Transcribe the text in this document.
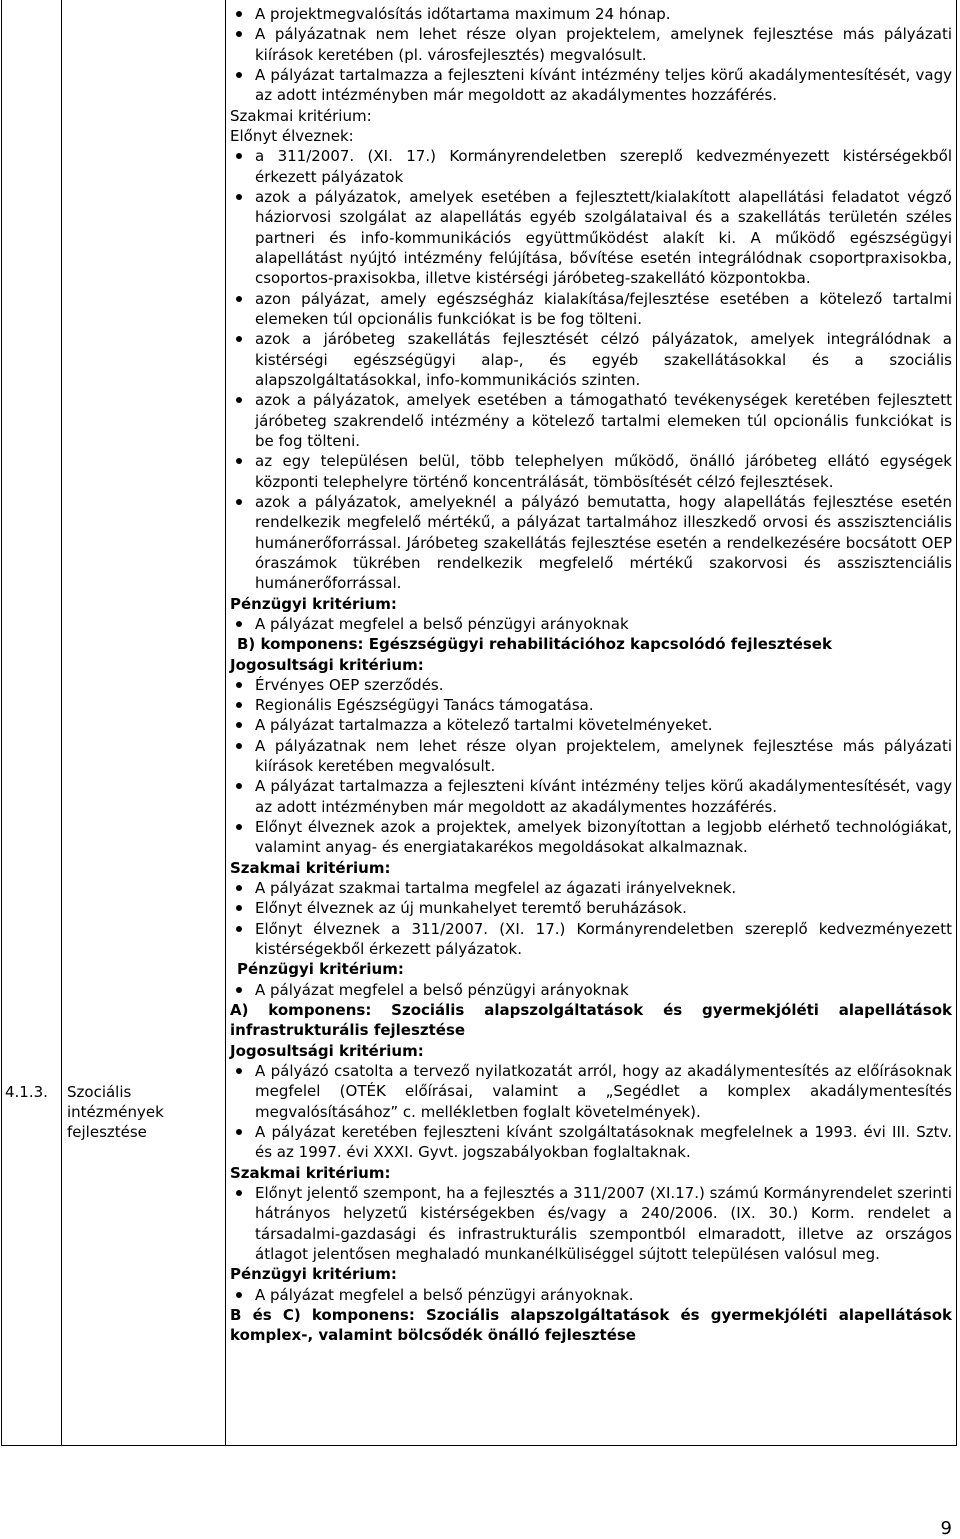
4.1.3.	Szociális intézmények fejlesztése
A projektmegvalósítás időtartama maximum 24 hónap.
A pályázatnak nem lehet része olyan projektelem, amelynek fejlesztése más pályázati kiírások keretében (pl. városfejlesztés) megvalósult.
A pályázat tartalmazza a fejleszteni kívánt intézmény teljes körű akadálymentesítését, vagy az adott intézményben már megoldott az akadálymentes hozzáférés.

Szakmai kritérium:

Előnyt élveznek:

a 311/2007. (XI. 17.) Kormányrendeletben szereplő kedvezményezett kistérségekből érkezett pályázatok
azok a pályázatok, amelyek esetében a fejlesztett/kialakított alapellátási feladatot végző háziorvosi szolgálat az alapellátás egyéb szolgálataival és a szakellátás területén széles partneri és info-kommunikációs együttműködést alakít ki. A működő egészségügyi alapellátást nyújtó intézmény felújítása, bővítése esetén integrálódnak csoportpraxisokba, csoportos-praxisokba, illetve kistérségi járóbeteg-szakellátó központokba.
azon pályázat, amely egészségház kialakítása/fejlesztése esetében a kötelező tartalmi elemeken túl opcionális funkciókat is be fog tölteni.
azok a járóbeteg szakellátás fejlesztését célzó pályázatok, amelyek integrálódnak a kistérségi egészségügyi alap-, és egyéb szakellátásokkal és a szociális alapszolgáltatásokkal, info-kommunikációs szinten.
azok a pályázatok, amelyek esetében a támogatható tevékenységek keretében fejlesztett járóbeteg szakrendelő intézmény a kötelező tartalmi elemeken túl opcionális funkciókat is be fog tölteni.
az egy településen belül, több telephelyen működő, önálló járóbeteg ellátó egységek központi telephelyre történő koncentrálását, tömbösítését célzó fejlesztések.
azok a pályázatok, amelyeknél a pályázó bemutatta, hogy alapellátás fejlesztése esetén rendelkezik megfelelő mértékű, a pályázat tartalmához illeszkedő orvosi és asszisztenciális humánerőforrással. Járóbeteg szakellátás fejlesztése esetén a rendelkezésére bocsátott OEP óraszámok tükrében rendelkezik megfelelő mértékű szakorvosi és asszisztenciális humánerőforrással.

Pénzügyi kritérium:

A pályázat megfelel a belső pénzügyi arányoknak

B) komponens: Egészségügyi rehabilitációhoz kapcsolódó fejlesztések

Jogosultsági kritérium:

Érvényes OEP szerződés.
Regionális Egészségügyi Tanács támogatása.
A pályázat tartalmazza a kötelező tartalmi követelményeket.
A pályázatnak nem lehet része olyan projektelem, amelynek fejlesztése más pályázati kiírások keretében megvalósult.
A pályázat tartalmazza a fejleszteni kívánt intézmény teljes körű akadálymentesítését, vagy az adott intézményben már megoldott az akadálymentes hozzáférés.
Előnyt élveznek azok a projektek, amelyek bizonyítottan a legjobb elérhető technológiákat, valamint anyag- és energiatakarékos megoldásokat alkalmaznak.

Szakmai kritérium:

A pályázat szakmai tartalma megfelel az ágazati irányelveknek.
Előnyt élveznek az új munkahelyet teremtő beruházások.
Előnyt élveznek a 311/2007. (XI. 17.) Kormányrendeletben szereplő kedvezményezett kistérségekből érkezett pályázatok.

Pénzügyi kritérium:

A pályázat megfelel a belső pénzügyi arányoknak

A) komponens: Szociális alapszolgáltatások és gyermekjóléti alapellátások infrastrukturális fejlesztése

Jogosultsági kritérium:

A pályázó csatolta a tervező nyilatkozatát arról, hogy az akadálymentesítés az előírásoknak megfelel (OTÉK előírásai, valamint a „Segédlet a komplex akadálymentesítés megvalósításához” c. mellékletben foglalt követelmények).
A pályázat keretében fejleszteni kívánt szolgáltatásoknak megfelelnek a 1993. évi III. Sztv. és az 1997. évi XXXI. Gyvt. jogszabályokban foglaltaknak.

Szakmai kritérium:

Előnyt jelentő szempont, ha a fejlesztés a 311/2007 (XI.17.) számú Kormányrendelet szerinti hátrányos helyzetű kistérségekben és/vagy a 240/2006. (IX. 30.) Korm. rendelet a társadalmi-gazdasági és infrastrukturális szempontból elmaradott, illetve az országos átlagot jelentősen meghaladó munkanélküliséggel sújtott településen valósul meg.

Pénzügyi kritérium:

A pályázat megfelel a belső pénzügyi arányoknak.

B és C) komponens: Szociális alapszolgáltatások és gyermekjóléti alapellátások komplex-, valamint bölcsődék önálló fejlesztése

9
